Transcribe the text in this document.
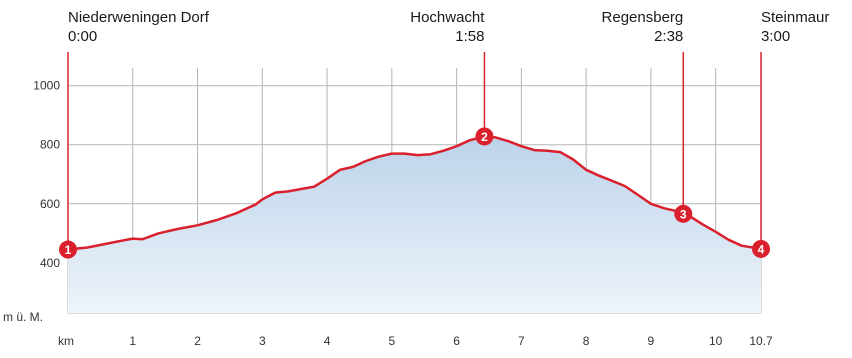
400
600
800
1000
1	2	3	4	5	6	7	8	9	10 10.7
m ü. M.
km
Niederweningen Dorf
0:00
Hochwacht
1:58
Regensberg
2:38
Steinmaur
3:00
1
2
3
4
